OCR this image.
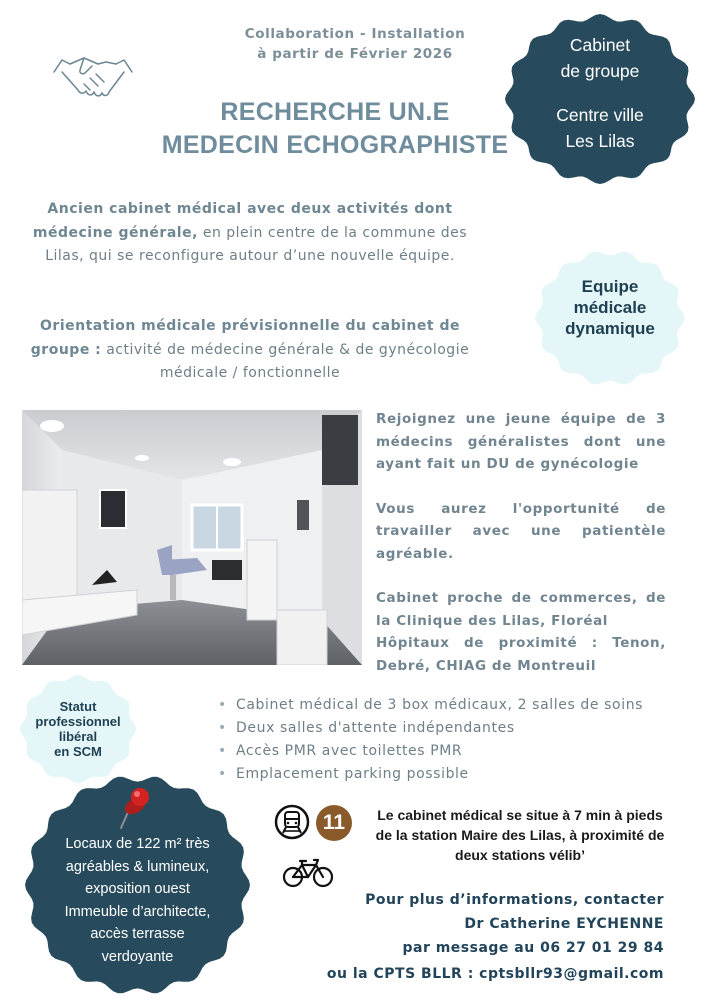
Collaboration - Installation
à partir de Février 2026
RECHERCHE UN.E
MEDECIN ECHOGRAPHISTE
Cabinet
de groupe
Centre ville
Les Lilas
Equipe
médicale
dynamique
Ancien cabinet médical avec deux activités dont médecine générale, en plein centre de la commune des Lilas, qui se reconfigure autour d’une nouvelle équipe.
Orientation médicale prévisionnelle du cabinet de groupe : activité de médecine générale & de gynécologie médicale / fonctionnelle

Rejoignez une jeune équipe de 3 médecins généralistes dont une ayant fait un DU de gynécologie

Vous aurez l'opportunité de travailler avec une patientèle agréable.

Cabinet proche de commerces, de la Clinique des Lilas, Floréal
Hôpitaux de proximité : Tenon, Debré, CHIAG de Montreuil
Statut
professionnel
libéral
en SCM
• Cabinet médical de 3 box médicaux, 2 salles de soins
• Deux salles d'attente indépendantes
• Accès PMR avec toilettes PMR
• Emplacement parking possible
Locaux de 122 m² très
agréables & lumineux,
exposition ouest
Immeuble d’architecte,
accès terrasse
verdoyante
11	Le cabinet médical se situe à 7 min à pieds de la station Maire des Lilas, à proximité de deux stations vélib’
Pour plus d’informations, contacter
Dr Catherine EYCHENNE
par message au 06 27 01 29 84
ou la CPTS BLLR : cptsbllr93@gmail.com
